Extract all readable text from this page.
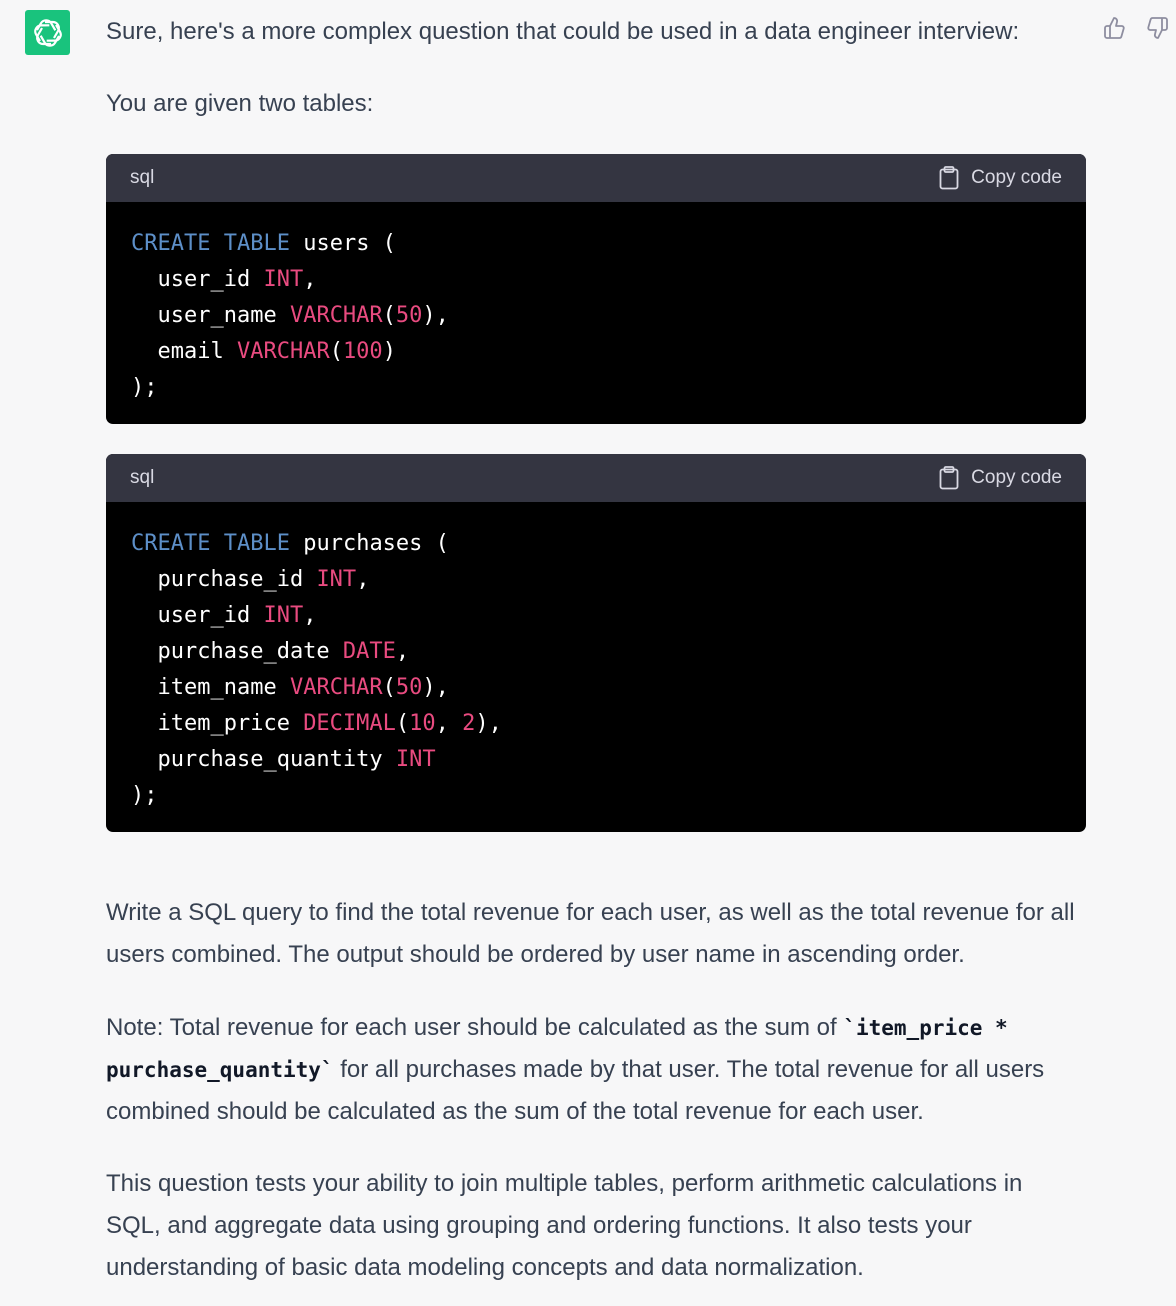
Sure, here's a more complex question that could be used in a data engineer interview:

You are given two tables:

sql	Copy code
CREATE TABLE users (
user_id INT,
user_name VARCHAR(50),
email VARCHAR(100)
);
sql	Copy code
CREATE TABLE purchases (
purchase_id INT,
user_id INT,
purchase_date DATE,
item_name VARCHAR(50),
item_price DECIMAL(10, 2),
purchase_quantity INT
);

Write a SQL query to find the total revenue for each user, as well as the total revenue for all users combined. The output should be ordered by user name in ascending order.

Note: Total revenue for each user should be calculated as the sum of `item_price * purchase_quantity` for all purchases made by that user. The total revenue for all users combined should be calculated as the sum of the total revenue for each user.

This question tests your ability to join multiple tables, perform arithmetic calculations in SQL, and aggregate data using grouping and ordering functions. It also tests your understanding of basic data modeling concepts and data normalization.
